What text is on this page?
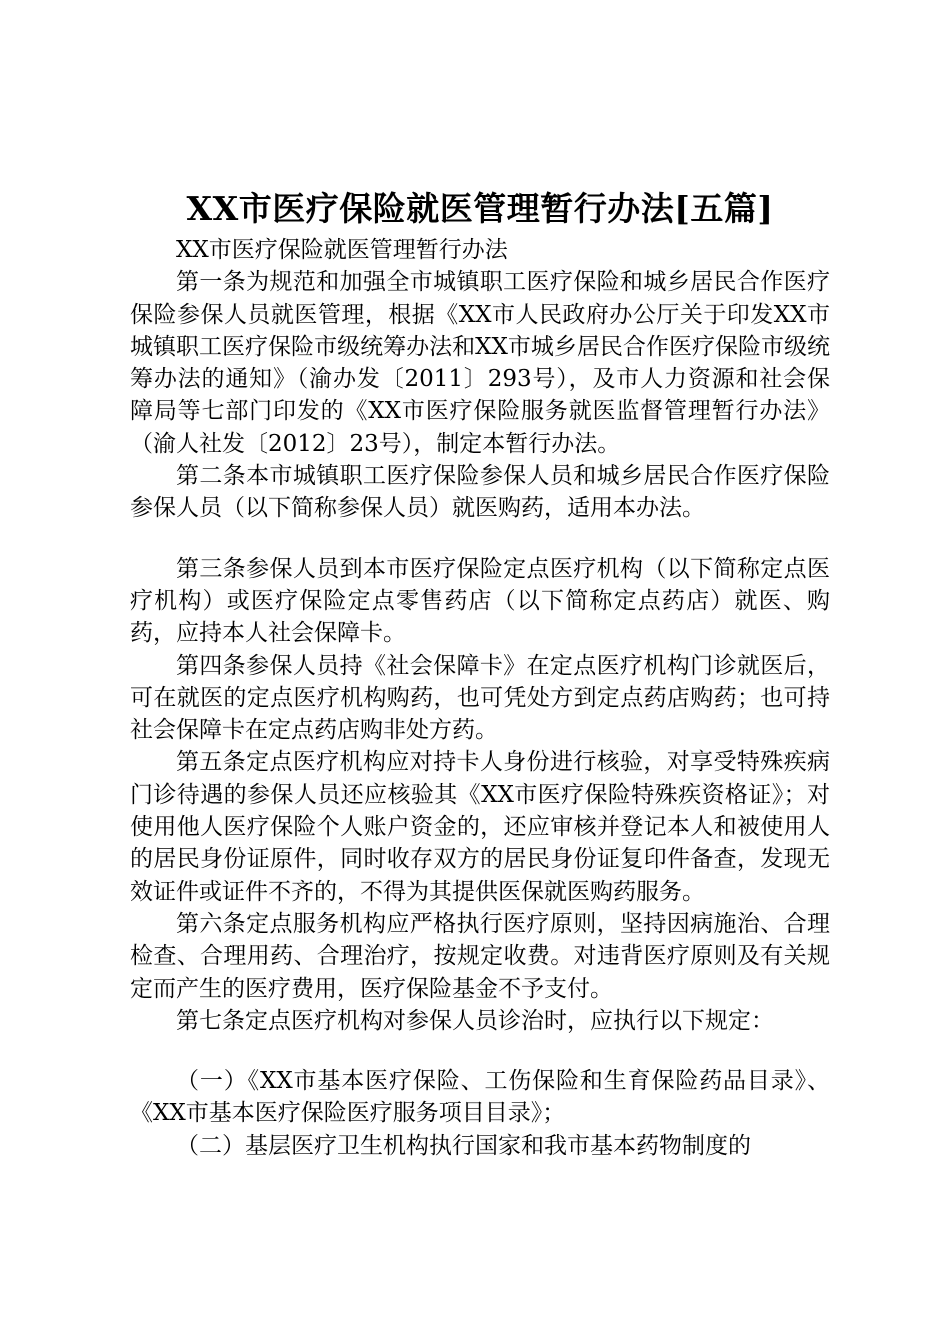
XX市医疗保险就医管理暂行办法[五篇]

XX市医疗保险就医管理暂行办法

第一条为规范和加强全市城镇职工医疗保险和城乡居民合作医疗保险参保人员就医管理，根据《XX市人民政府办公厅关于印发XX市城镇职工医疗保险市级统筹办法和XX市城乡居民合作医疗保险市级统筹办法的通知》（渝办发〔2011〕293号），及市人力资源和社会保障局等七部门印发的《XX市医疗保险服务就医监督管理暂行办法》（渝人社发〔2012〕23号），制定本暂行办法。

第二条本市城镇职工医疗保险参保人员和城乡居民合作医疗保险参保人员（以下简称参保人员）就医购药，适用本办法。

第三条参保人员到本市医疗保险定点医疗机构（以下简称定点医疗机构）或医疗保险定点零售药店（以下简称定点药店）就医、购药，应持本人社会保障卡。

第四条参保人员持《社会保障卡》在定点医疗机构门诊就医后，可在就医的定点医疗机构购药，也可凭处方到定点药店购药；也可持社会保障卡在定点药店购非处方药。

第五条定点医疗机构应对持卡人身份进行核验，对享受特殊疾病门诊待遇的参保人员还应核验其《XX市医疗保险特殊疾资格证》；对使用他人医疗保险个人账户资金的，还应审核并登记本人和被使用人的居民身份证原件，同时收存双方的居民身份证复印件备查，发现无效证件或证件不齐的，不得为其提供医保就医购药服务。

第六条定点服务机构应严格执行医疗原则，坚持因病施治、合理检查、合理用药、合理治疗，按规定收费。对违背医疗原则及有关规定而产生的医疗费用，医疗保险基金不予支付。

第七条定点医疗机构对参保人员诊治时，应执行以下规定：

（一）《XX市基本医疗保险、工伤保险和生育保险药品目录》、《XX市基本医疗保险医疗服务项目目录》；

（二）基层医疗卫生机构执行国家和我市基本药物制度的
